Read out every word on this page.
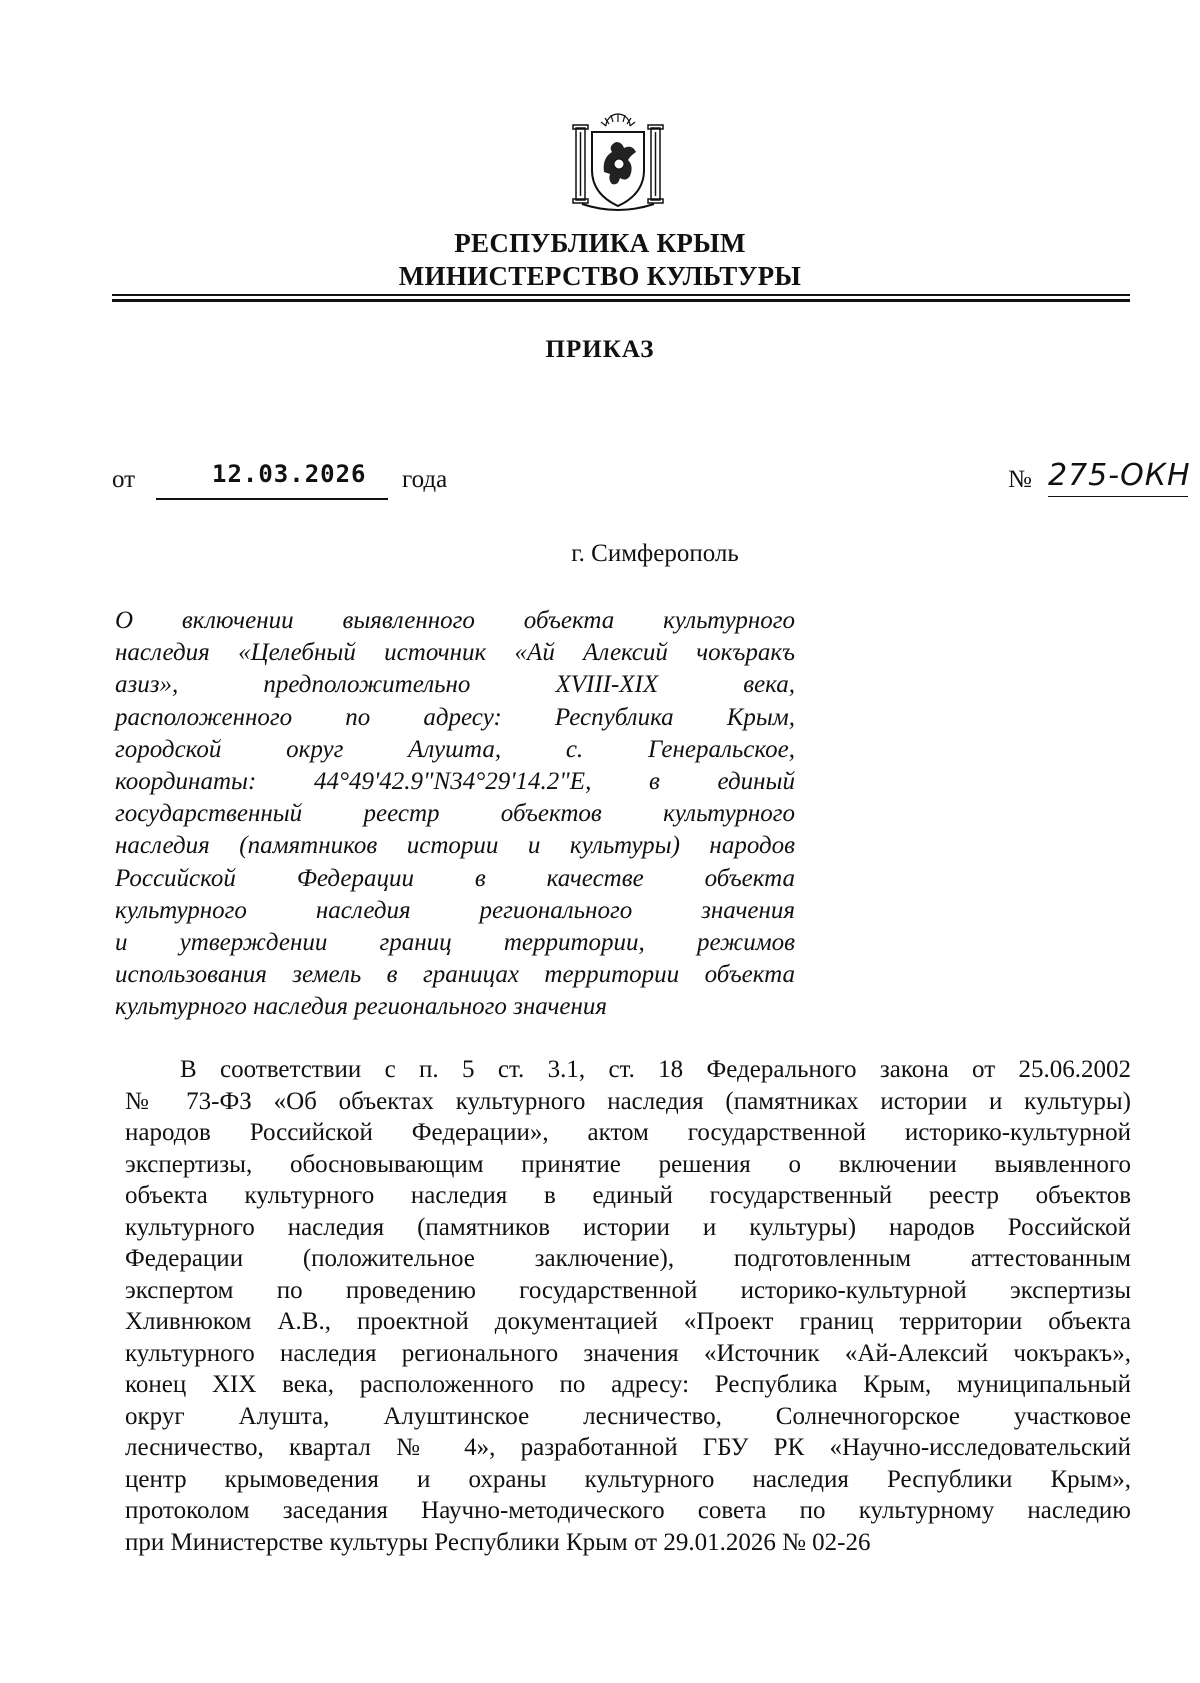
РЕСПУБЛИКА КРЫМ
МИНИСТЕРСТВО КУЛЬТУРЫ
ПРИКАЗ
от	12.03.2026 года	№ 275-ОКН
г. Симферополь
О включении выявленного объекта культурного
наследия «Целебный источник «Ай Алексий чокъракъ
азиз», предположительно XVIII-XIX века,
расположенного по адресу: Республика Крым,
городской округ Алушта, с. Генеральское,
координаты: 44°49'42.9"N34°29'14.2"E, в единый
государственный реестр объектов культурного
наследия (памятников истории и культуры) народов
Российской Федерации в качестве объекта
культурного наследия регионального значения
и утверждении границ территории, режимов
использования земель в границах территории объекта
культурного наследия регионального значения
В соответствии с п. 5 ст. 3.1, ст. 18 Федерального закона от 25.06.2002
№ 73-ФЗ «Об объектах культурного наследия (памятниках истории и культуры)
народов Российской Федерации», актом государственной историко-культурной
экспертизы, обосновывающим принятие решения о включении выявленного
объекта культурного наследия в единый государственный реестр объектов
культурного наследия (памятников истории и культуры) народов Российской
Федерации (положительное заключение), подготовленным аттестованным
экспертом по проведению государственной историко-культурной экспертизы
Хливнюком А.В., проектной документацией «Проект границ территории объекта
культурного наследия регионального значения «Источник «Ай-Алексий чокъракъ»,
конец XIX века, расположенного по адресу: Республика Крым, муниципальный
округ Алушта, Алуштинское лесничество, Солнечногорское участковое
лесничество, квартал № 4», разработанной ГБУ РК «Научно-исследовательский
центр крымоведения и охраны культурного наследия Республики Крым»,
протоколом заседания Научно-методического совета по культурному наследию
при Министерстве культуры Республики Крым от 29.01.2026 № 02-26
